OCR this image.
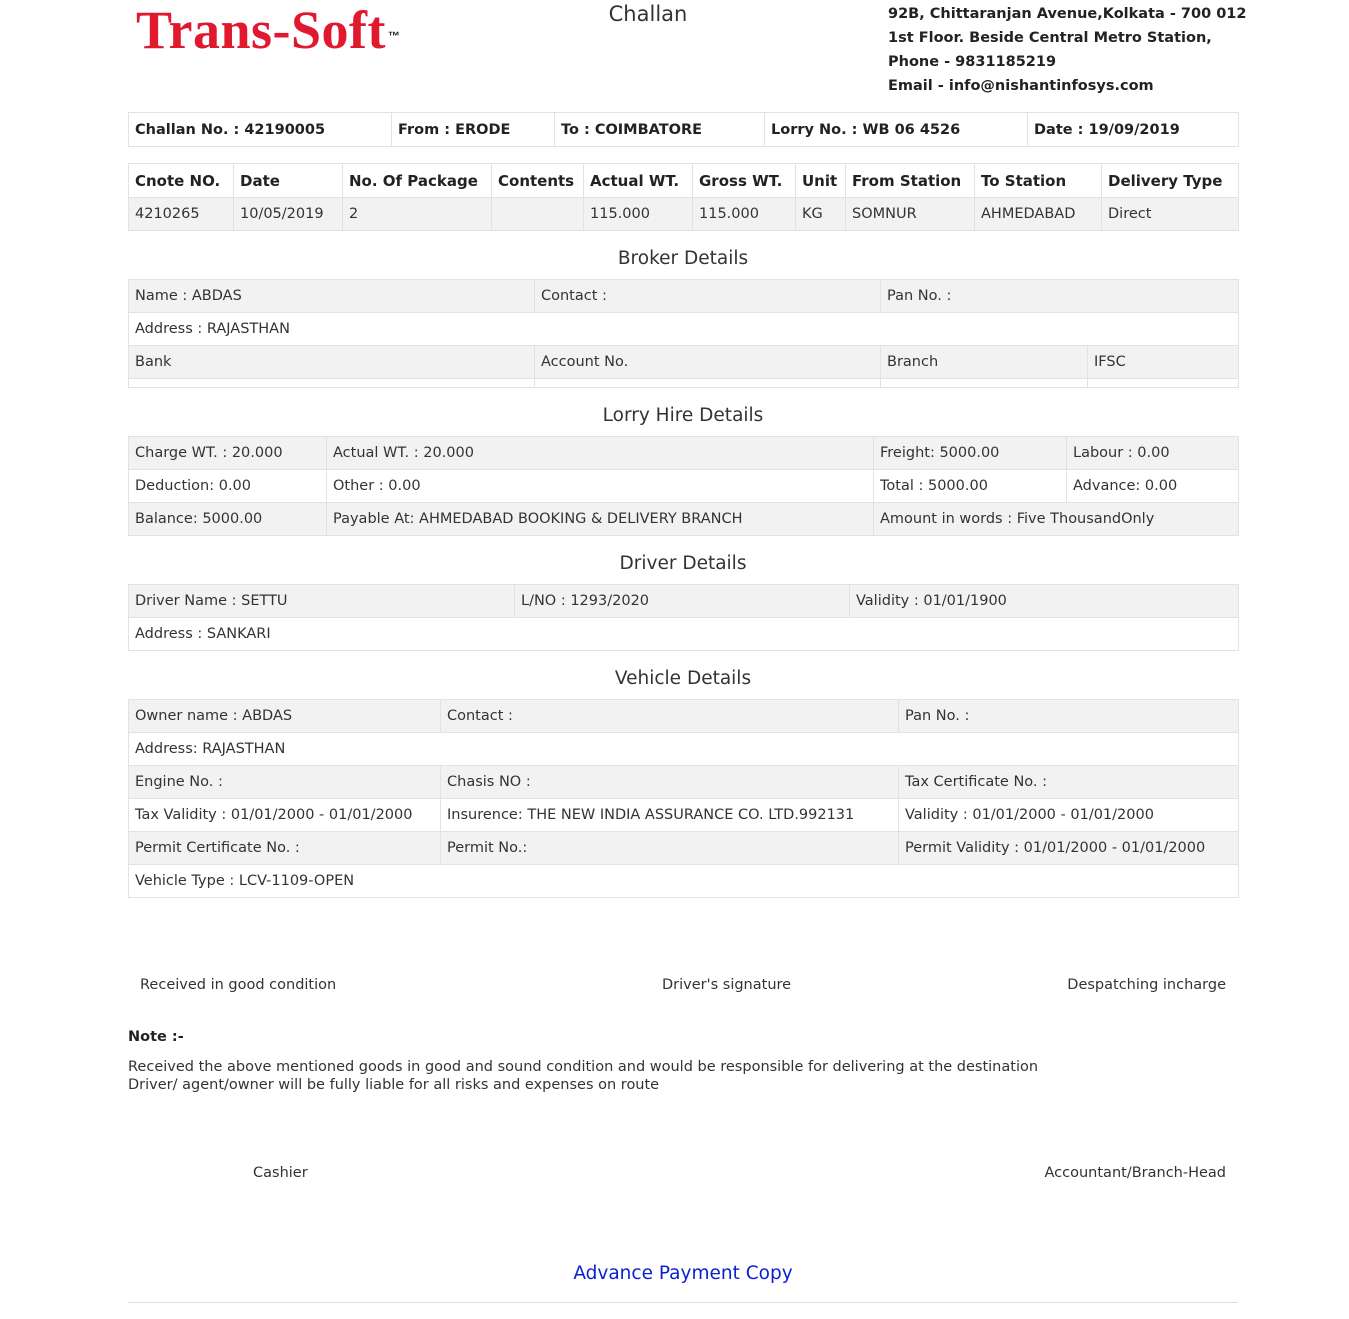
Trans-Soft ™
Challan	92B, Chittaranjan Avenue,Kolkata - 700 012
1st Floor. Beside Central Metro Station,
Phone - 9831185219
Email - info@nishantinfosys.com
Challan No. : 42190005	From : ERODE	To : COIMBATORE	Lorry No. : WB 06 4526	Date : 19/09/2019
Cnote NO.	Date	No. Of Package	Contents	Actual WT.	Gross WT.	Unit	From Station	To Station	Delivery Type
4210265	10/05/2019	2		115.000	115.000	KG	SOMNUR	AHMEDABAD	Direct
Broker Details
Name : ABDAS	Contact :	Pan No. :	
Address : RAJASTHAN			
Bank	Account No.	Branch	IFSC

Lorry Hire Details
Charge WT. : 20.000	Actual WT. : 20.000	Freight: 5000.00	Labour : 0.00
Deduction: 0.00	Other : 0.00	Total : 5000.00	Advance: 0.00
Balance: 5000.00	Payable At: AHMEDABAD BOOKING & DELIVERY BRANCH	Amount in words : Five ThousandOnly	
Driver Details
Driver Name : SETTU	L/NO : 1293/2020	Validity : 01/01/1900
Address : SANKARI
Vehicle Details
Owner name : ABDAS	Contact :	Pan No. :
Address: RAJASTHAN		
Engine No. :	Chasis NO :	Tax Certificate No. :
Tax Validity : 01/01/2000 - 01/01/2000	Insurence: THE NEW INDIA ASSURANCE CO. LTD.992131	Validity : 01/01/2000 - 01/01/2000
Permit Certificate No. :	Permit No.:	Permit Validity : 01/01/2000 - 01/01/2000
Vehicle Type : LCV-1109-OPEN		
Received in good condition	Driver's signature	Despatching incharge
Note :-
Received the above mentioned goods in good and sound condition and would be responsible for delivering at the destination
Driver/ agent/owner will be fully liable for all risks and expenses on route
Cashier	Accountant/Branch-Head
Advance Payment Copy
